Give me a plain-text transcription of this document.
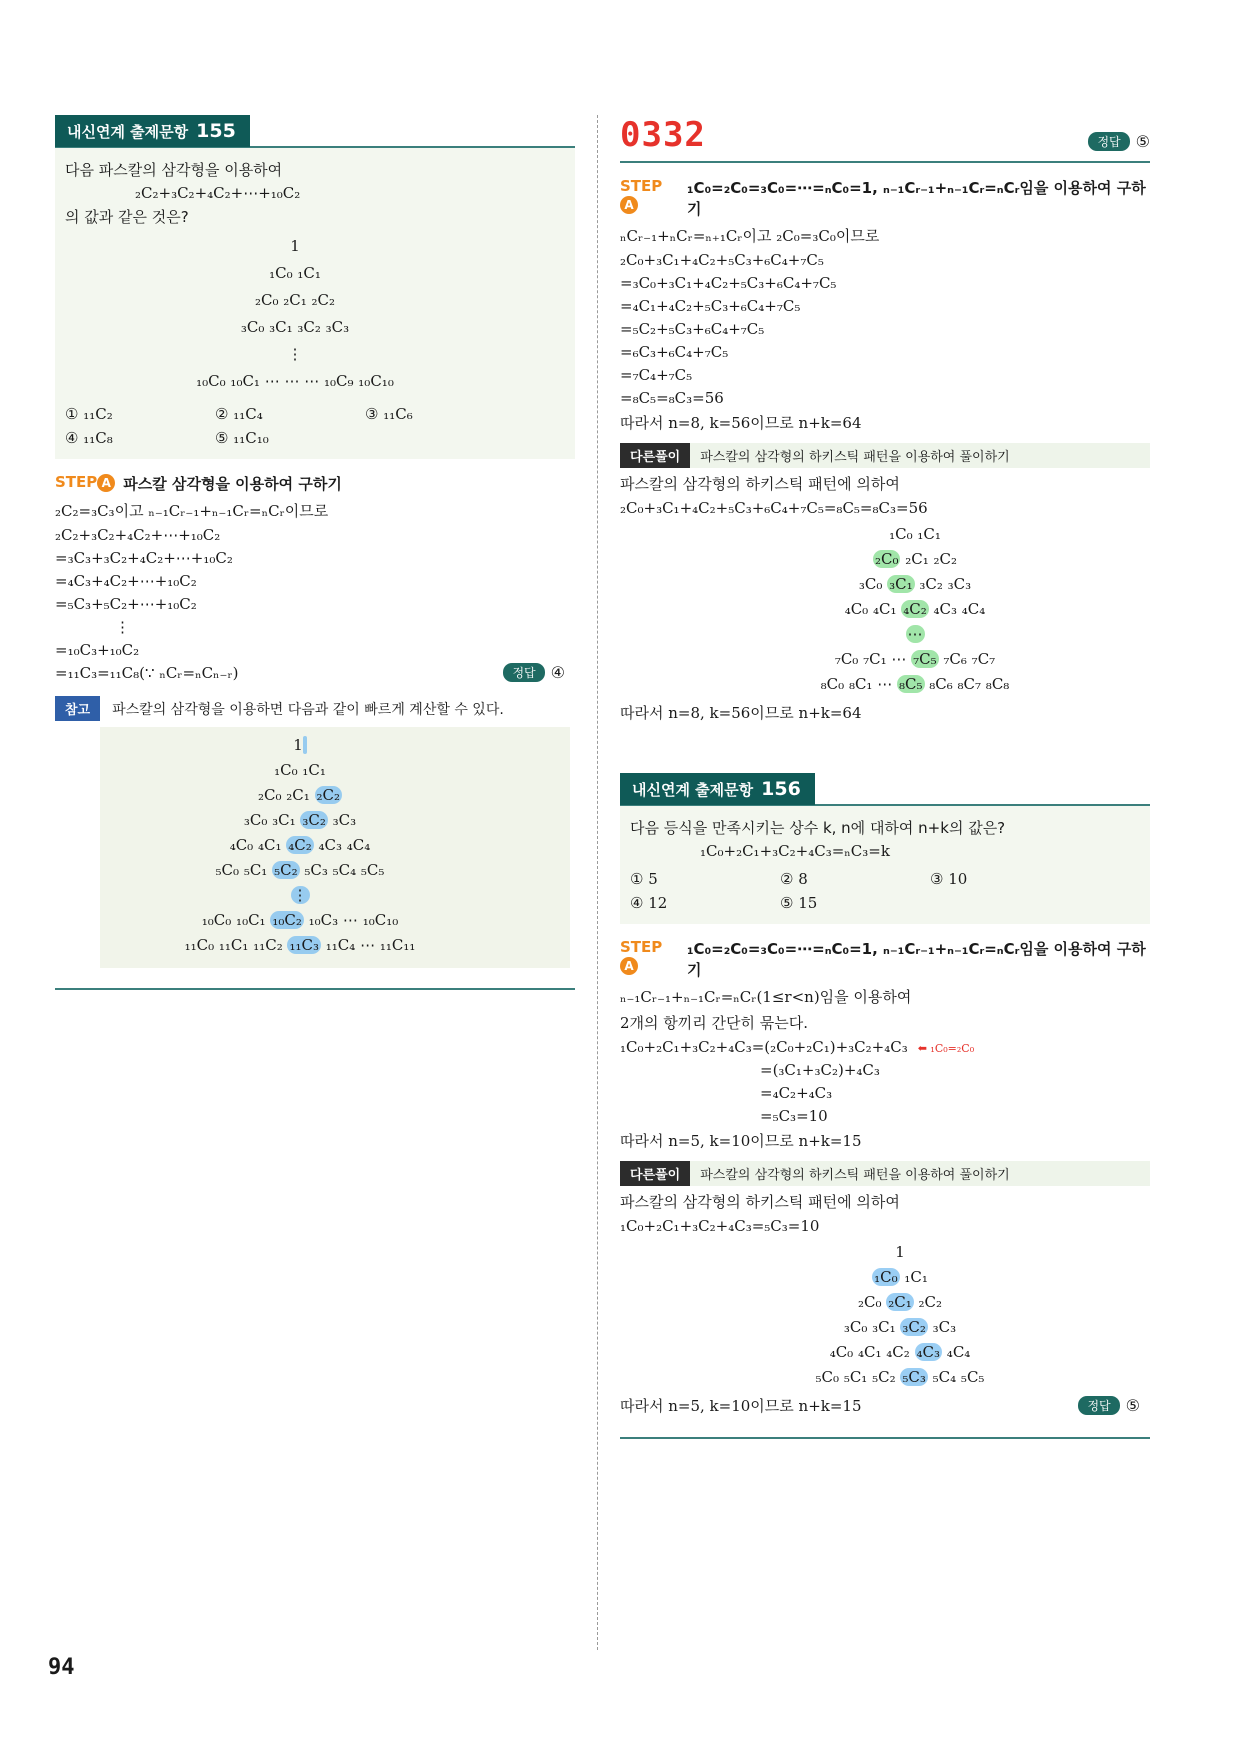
내신연계 출제문항 155
다음 파스칼의 삼각형을 이용하여
₂C₂+₃C₂+₄C₂+⋯+₁₀C₂
의 값과 같은 것은?
1
₁C₀ ₁C₁
₂C₀ ₂C₁ ₂C₂
₃C₀ ₃C₁ ₃C₂ ₃C₃
⋮
₁₀C₀ ₁₀C₁ ⋯ ⋯ ⋯ ₁₀C₉ ₁₀C₁₀
① ₁₁C₂	② ₁₁C₄	③ ₁₁C₆
④ ₁₁C₈	⑤ ₁₁C₁₀
STEP A 파스칼 삼각형을 이용하여 구하기
₂C₂=₃C₃이고 ₙ₋₁Cᵣ₋₁+ₙ₋₁Cᵣ=ₙCᵣ이므로
₂C₂+₃C₂+₄C₂+⋯+₁₀C₂
=₃C₃+₃C₂+₄C₂+⋯+₁₀C₂
=₄C₃+₄C₂+⋯+₁₀C₂
=₅C₃+₅C₂+⋯+₁₀C₂
⋮
=₁₀C₃+₁₀C₂
=₁₁C₃=₁₁C₈(∵ ₙCᵣ=ₙCₙ₋ᵣ)	정답 ④
참고	파스칼의 삼각형을 이용하면 다음과 같이 빠르게 계산할 수 있다.
1
₁C₀ ₁C₁
₂C₀ ₂C₁ ₂C₂
₃C₀ ₃C₁ ₃C₂ ₃C₃
₄C₀ ₄C₁ ₄C₂ ₄C₃ ₄C₄
₅C₀ ₅C₁ ₅C₂ ₅C₃ ₅C₄ ₅C₅
⋮
₁₀C₀ ₁₀C₁ ₁₀C₂ ₁₀C₃ ⋯ ₁₀C₁₀
₁₁C₀ ₁₁C₁ ₁₁C₂ ₁₁C₃ ₁₁C₄ ⋯ ₁₁C₁₁
0332	정답 ⑤
STEPA
₁C₀=₂C₀=₃C₀=⋯=ₙC₀=1, ₙ₋₁Cᵣ₋₁+ₙ₋₁Cᵣ=ₙCᵣ임을 이용하여 구하기
ₙCᵣ₋₁+ₙCᵣ=ₙ₊₁Cᵣ이고 ₂C₀=₃C₀이므로
₂C₀+₃C₁+₄C₂+₅C₃+₆C₄+₇C₅
=₃C₀+₃C₁+₄C₂+₅C₃+₆C₄+₇C₅
=₄C₁+₄C₂+₅C₃+₆C₄+₇C₅
=₅C₂+₅C₃+₆C₄+₇C₅
=₆C₃+₆C₄+₇C₅
=₇C₄+₇C₅
=₈C₅=₈C₃=56
따라서 n=8, k=56이므로 n+k=64
다른풀이	파스칼의 삼각형의 하키스틱 패턴을 이용하여 풀이하기
파스칼의 삼각형의 하키스틱 패턴에 의하여
₂C₀+₃C₁+₄C₂+₅C₃+₆C₄+₇C₅=₈C₅=₈C₃=56
₁C₀ ₁C₁
₂C₀ ₂C₁ ₂C₂
₃C₀ ₃C₁ ₃C₂ ₃C₃
₄C₀ ₄C₁ ₄C₂ ₄C₃ ₄C₄
⋯
₇C₀ ₇C₁ ⋯ ₇C₅ ₇C₆ ₇C₇
₈C₀ ₈C₁ ⋯ ₈C₅ ₈C₆ ₈C₇ ₈C₈
따라서 n=8, k=56이므로 n+k=64
내신연계 출제문항 156
다음 등식을 만족시키는 상수 k, n에 대하여 n+k의 값은?
₁C₀+₂C₁+₃C₂+₄C₃=ₙC₃=k
① 5	② 8	③ 10
④ 12	⑤ 15
STEPA
₁C₀=₂C₀=₃C₀=⋯=ₙC₀=1, ₙ₋₁Cᵣ₋₁+ₙ₋₁Cᵣ=ₙCᵣ임을 이용하여 구하기
ₙ₋₁Cᵣ₋₁+ₙ₋₁Cᵣ=ₙCᵣ(1≤r<n)임을 이용하여
2개의 항끼리 간단히 묶는다.
₁C₀+₂C₁+₃C₂+₄C₃=(₂C₀+₂C₁)+₃C₂+₄C₃ ⬅ ₁C₀=₂C₀
=(₃C₁+₃C₂)+₄C₃
=₄C₂+₄C₃
=₅C₃=10
따라서 n=5, k=10이므로 n+k=15
다른풀이	파스칼의 삼각형의 하키스틱 패턴을 이용하여 풀이하기
파스칼의 삼각형의 하키스틱 패턴에 의하여
₁C₀+₂C₁+₃C₂+₄C₃=₅C₃=10
1
₁C₀ ₁C₁
₂C₀ ₂C₁ ₂C₂
₃C₀ ₃C₁ ₃C₂ ₃C₃
₄C₀ ₄C₁ ₄C₂ ₄C₃ ₄C₄
₅C₀ ₅C₁ ₅C₂ ₅C₃ ₅C₄ ₅C₅
따라서 n=5, k=10이므로 n+k=15	정답 ⑤
94
